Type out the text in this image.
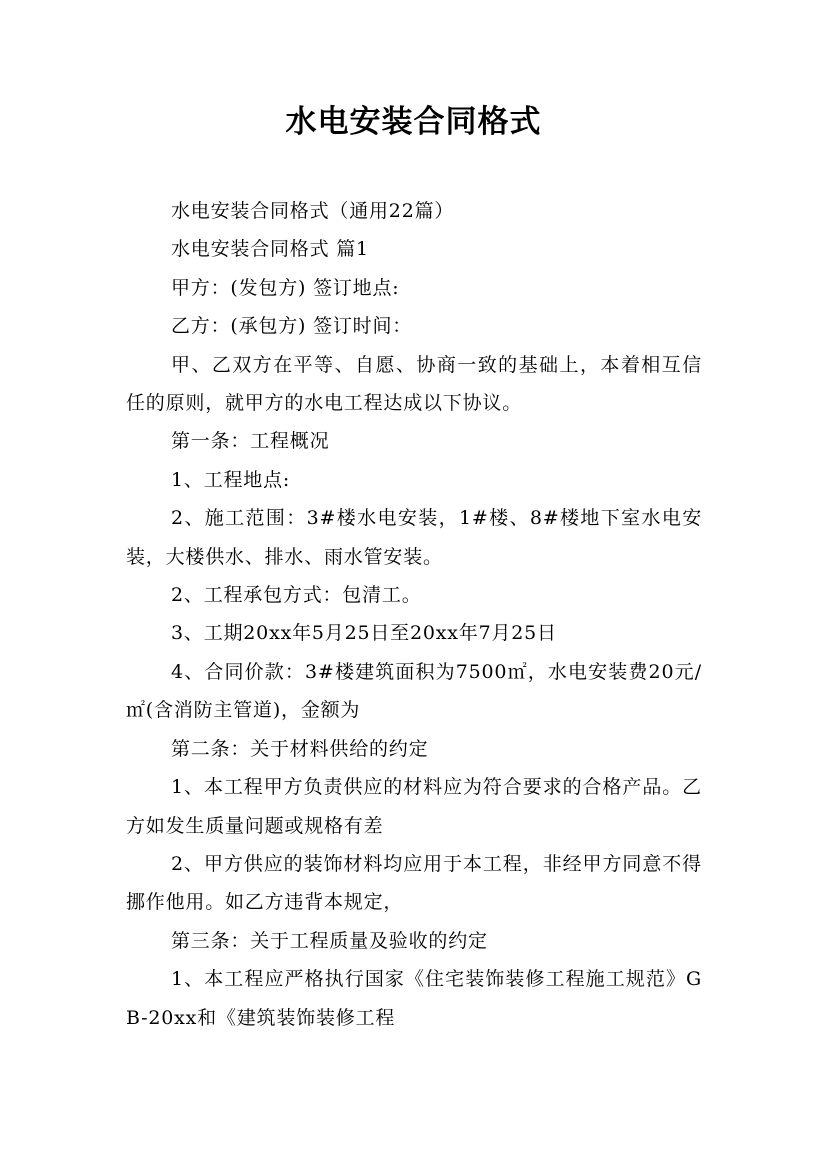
水电安装合同格式

水电安装合同格式（通用22篇）

水电安装合同格式 篇1

甲方：(发包方) 签订地点:

乙方：(承包方) 签订时间：

甲、乙双方在平等、自愿、协商一致的基础上，本着相互信任的原则，就甲方的水电工程达成以下协议。

第一条：工程概况

1、工程地点:

2、施工范围：3#楼水电安装，1#楼、8#楼地下室水电安装，大楼供水、排水、雨水管安装。

2、工程承包方式：包清工。

3、工期20xx年5月25日至20xx年7月25日

4、合同价款：3#楼建筑面积为7500㎡，水电安装费20元/㎡(含消防主管道)，金额为

第二条：关于材料供给的约定

1、本工程甲方负责供应的材料应为符合要求的合格产品。乙方如发生质量问题或规格有差

2、甲方供应的装饰材料均应用于本工程，非经甲方同意不得挪作他用。如乙方违背本规定，

第三条：关于工程质量及验收的约定

1、本工程应严格执行国家《住宅装饰装修工程施工规范》GB-20xx和《建筑装饰装修工程
